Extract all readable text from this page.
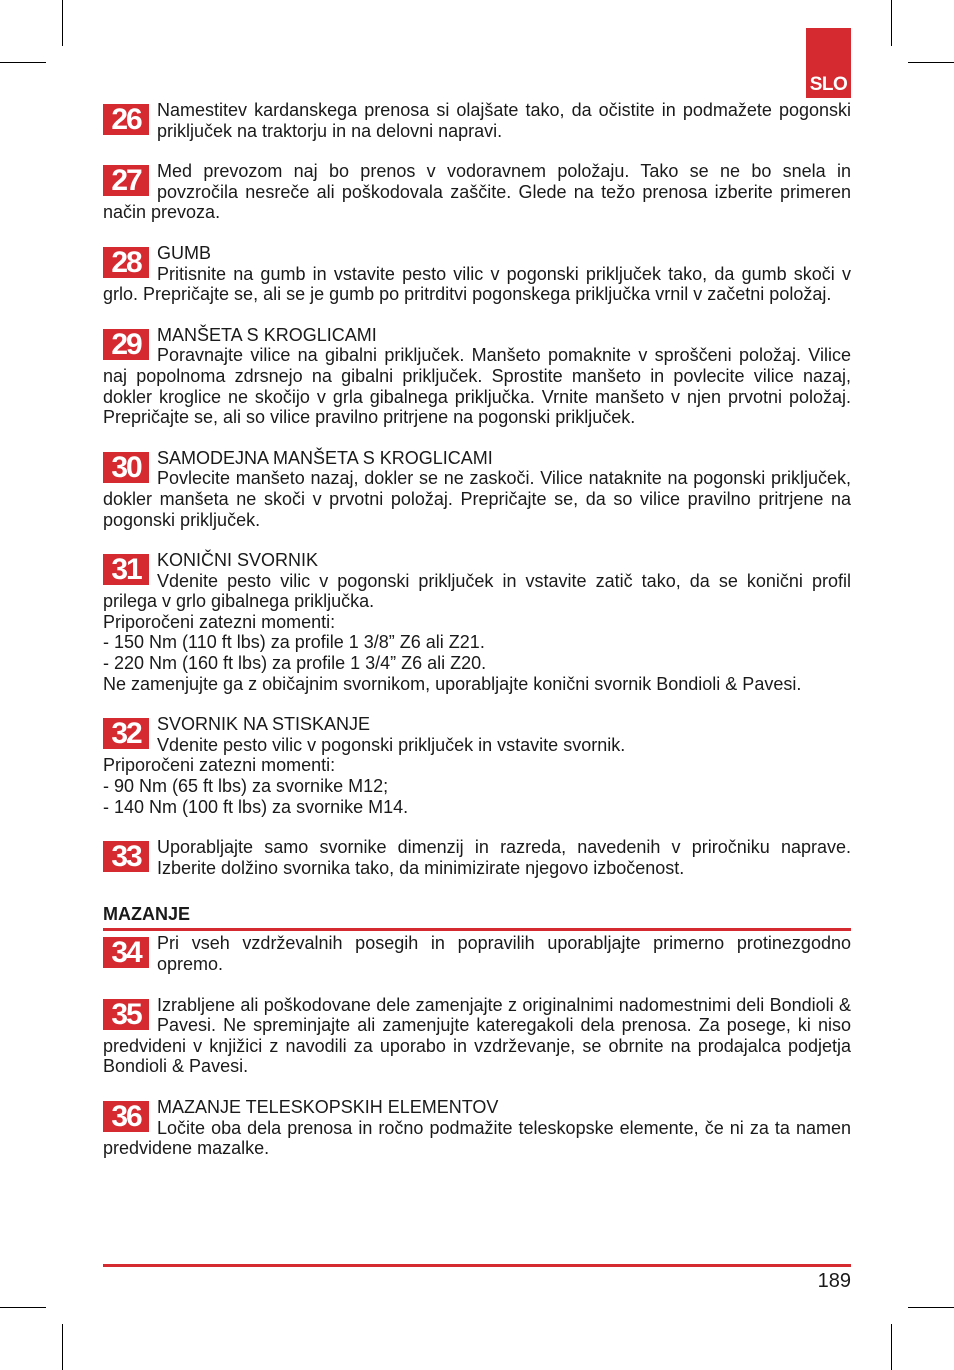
SLO
26 Namestitev kardanskega prenosa si olajšate tako, da očistite in podmažete pogonski priključek na traktorju in na delovni napravi.

27 Med prevozom naj bo prenos v vodoravnem položaju. Tako se ne bo snela in povzročila nesreče ali poškodovala zaščite. Glede na težo prenosa izberite primeren način prevoza.

28 GUMB

Pritisnite na gumb in vstavite pesto vilic v pogonski priključek tako, da gumb skoči v grlo. Prepričajte se, ali se je gumb po pritrditvi pogonskega priključka vrnil v začetni položaj.

29 MANŠETA S KROGLICAMI

Poravnajte vilice na gibalni priključek. Manšeto pomaknite v sproščeni položaj. Vilice naj popolnoma zdrsnejo na gibalni priključek. Sprostite manšeto in povlecite vilice nazaj, dokler kroglice ne skočijo v grla gibalnega priključka. Vrnite manšeto v njen prvotni položaj. Prepričajte se, ali so vilice pravilno pritrjene na pogonski priključek.

30 SAMODEJNA MANŠETA S KROGLICAMI

Povlecite manšeto nazaj, dokler se ne zaskoči. Vilice nataknite na pogonski priključek, dokler manšeta ne skoči v prvotni položaj. Prepričajte se, da so vilice pravilno pritrjene na pogonski priključek.

31 KONIČNI SVORNIK

Vdenite pesto vilic v pogonski priključek in vstavite zatič tako, da se konični profil prilega v grlo gibalnega priključka.

Priporočeni zatezni momenti:

- 150 Nm (110 ft lbs) za profile 1 3/8” Z6 ali Z21.

- 220 Nm (160 ft lbs) za profile 1 3/4” Z6 ali Z20.

Ne zamenjujte ga z običajnim svornikom, uporabljajte konični svornik Bondioli & Pavesi.

32 SVORNIK NA STISKANJE

Vdenite pesto vilic v pogonski priključek in vstavite svornik.

Priporočeni zatezni momenti:

- 90 Nm (65 ft lbs) za svornike M12;

- 140 Nm (100 ft lbs) za svornike M14.

33 Uporabljajte samo svornike dimenzij in razreda, navedenih v priročniku naprave. Izberite dolžino svornika tako, da minimizirate njegovo izbočenost.

MAZANJE
34 Pri vseh vzdrževalnih posegih in popravilih uporabljajte primerno protinezgodno opremo.

35 Izrabljene ali poškodovane dele zamenjajte z originalnimi nadomestnimi deli Bondioli & Pavesi. Ne spreminjajte ali zamenjujte kateregakoli dela prenosa. Za posege, ki niso predvideni v knjižici z navodili za uporabo in vzdrževanje, se obrnite na prodajalca podjetja Bondioli & Pavesi.

36 MAZANJE TELESKOPSKIH ELEMENTOV

Ločite oba dela prenosa in ročno podmažite teleskopske elemente, če ni za ta namen predvidene mazalke.

189
